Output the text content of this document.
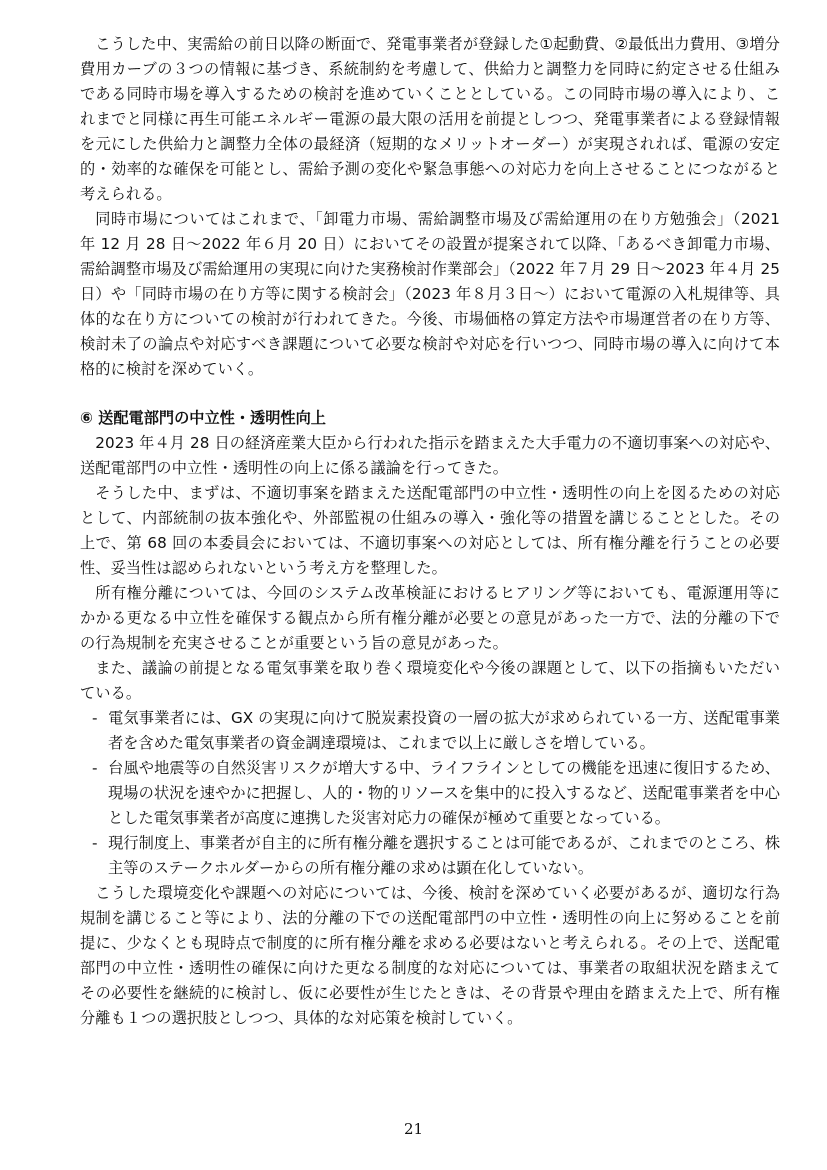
こうした中、実需給の前日以降の断面で、発電事業者が登録した①起動費、②最低出力費用、③増分費用カーブの３つの情報に基づき、系統制約を考慮して、供給力と調整力を同時に約定させる仕組みである同時市場を導入するための検討を進めていくこととしている。この同時市場の導入により、これまでと同様に再生可能エネルギー電源の最大限の活用を前提としつつ、発電事業者による登録情報を元にした供給力と調整力全体の最経済（短期的なメリットオーダー）が実現されれば、電源の安定的・効率的な確保を可能とし、需給予測の変化や緊急事態への対応力を向上させることにつながると考えられる。

同時市場についてはこれまで、「卸電力市場、需給調整市場及び需給運用の在り方勉強会」（2021 年 12 月 28 日～2022 年６月 20 日）においてその設置が提案されて以降、「あるべき卸電力市場、需給調整市場及び需給運用の実現に向けた実務検討作業部会」（2022 年７月 29 日～2023 年４月 25 日）や「同時市場の在り方等に関する検討会」（2023 年８月３日～）において電源の入札規律等、具体的な在り方についての検討が行われてきた。今後、市場価格の算定方法や市場運営者の在り方等、検討未了の論点や対応すべき課題について必要な検討や対応を行いつつ、同時市場の導入に向けて本格的に検討を深めていく。

⑥ 送配電部門の中立性・透明性向上

2023 年４月 28 日の経済産業大臣から行われた指示を踏まえた大手電力の不適切事案への対応や、送配電部門の中立性・透明性の向上に係る議論を行ってきた。

そうした中、まずは、不適切事案を踏まえた送配電部門の中立性・透明性の向上を図るための対応として、内部統制の抜本強化や、外部監視の仕組みの導入・強化等の措置を講じることとした。その上で、第 68 回の本委員会においては、不適切事案への対応としては、所有権分離を行うことの必要性、妥当性は認められないという考え方を整理した。

所有権分離については、今回のシステム改革検証におけるヒアリング等においても、電源運用等にかかる更なる中立性を確保する観点から所有権分離が必要との意見があった一方で、法的分離の下での行為規制を充実させることが重要という旨の意見があった。

また、議論の前提となる電気事業を取り巻く環境変化や今後の課題として、以下の指摘もいただいている。

- 電気事業者には、GX の実現に向けて脱炭素投資の一層の拡大が求められている一方、送配電事業者を含めた電気事業者の資金調達環境は、これまで以上に厳しさを増している。
- 台風や地震等の自然災害リスクが増大する中、ライフラインとしての機能を迅速に復旧するため、現場の状況を速やかに把握し、人的・物的リソースを集中的に投入するなど、送配電事業者を中心とした電気事業者が高度に連携した災害対応力の確保が極めて重要となっている。
- 現行制度上、事業者が自主的に所有権分離を選択することは可能であるが、これまでのところ、株主等のステークホルダーからの所有権分離の求めは顕在化していない。

こうした環境変化や課題への対応については、今後、検討を深めていく必要があるが、適切な行為規制を講じること等により、法的分離の下での送配電部門の中立性・透明性の向上に努めることを前提に、少なくとも現時点で制度的に所有権分離を求める必要はないと考えられる。その上で、送配電部門の中立性・透明性の確保に向けた更なる制度的な対応については、事業者の取組状況を踏まえてその必要性を継続的に検討し、仮に必要性が生じたときは、その背景や理由を踏まえた上で、所有権分離も１つの選択肢としつつ、具体的な対応策を検討していく。

21
